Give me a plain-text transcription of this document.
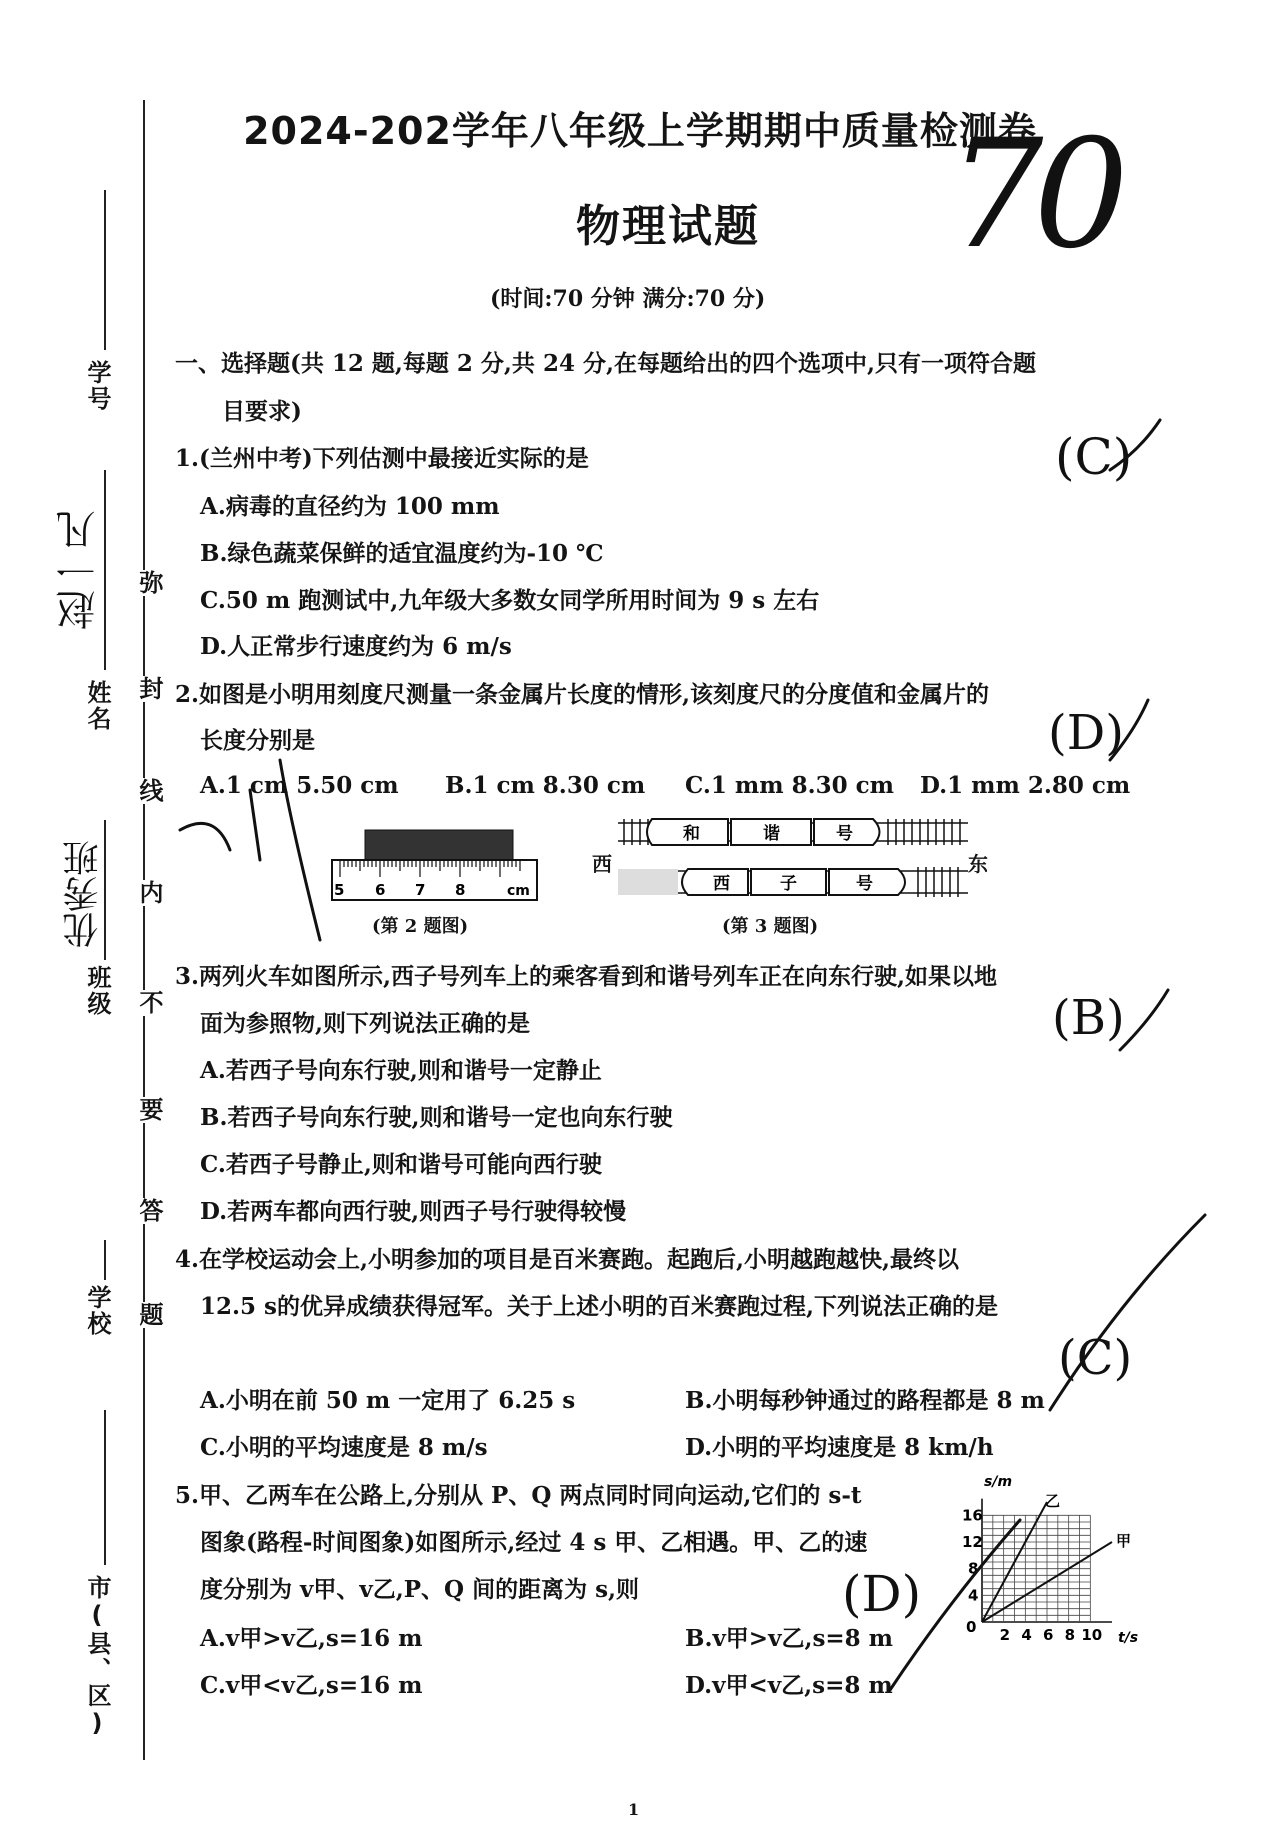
学号
姓名
赵一凡
班级
优秀班
学校
市(县、区)
弥
封
线
内
不
要
答
题
2024-202学年八年级上学期期中质量检测卷
物理试题
(时间:70 分钟 满分:70 分)
一、选择题(共 12 题,每题 2 分,共 24 分,在每题给出的四个选项中,只有一项符合题
目要求)
1.(兰州中考)下列估测中最接近实际的是
A.病毒的直径约为 100 mm
B.绿色蔬菜保鲜的适宜温度约为-10 ℃
C.50 m 跑测试中,九年级大多数女同学所用时间为 9 s 左右
D.人正常步行速度约为 6 m/s
(C)
2.如图是小明用刻度尺测量一条金属片长度的情形,该刻度尺的分度值和金属片的
长度分别是	(D)
A.1 cm 5.50 cm B.1 cm 8.30 cm C.1 mm 8.30 cm D.1 mm 2.80 cm
5 6 7 8	cm
(第 2 题图)
和	谐	号
西	子	号
西	东
(第 3 题图)
3.两列火车如图所示,西子号列车上的乘客看到和谐号列车正在向东行驶,如果以地
面为参照物,则下列说法正确的是	(B)
A.若西子号向东行驶,则和谐号一定静止
B.若西子号向东行驶,则和谐号一定也向东行驶
C.若西子号静止,则和谐号可能向西行驶
D.若两车都向西行驶,则西子号行驶得较慢
4.在学校运动会上,小明参加的项目是百米赛跑。起跑后,小明越跑越快,最终以
12.5 s的优异成绩获得冠军。关于上述小明的百米赛跑过程,下列说法正确的是
(C)
A.小明在前 50 m 一定用了 6.25 s	B.小明每秒钟通过的路程都是 8 m
C.小明的平均速度是 8 m/s	D.小明的平均速度是 8 km/h
5.甲、乙两车在公路上,分别从 P、Q 两点同时同向运动,它们的 s-t
图象(路程-时间图象)如图所示,经过 4 s 甲、乙相遇。甲、乙的速
度分别为 v甲、v乙,P、Q 间的距离为 s,则	(D)
A.v甲>v乙,s=16 m	B.v甲>v乙,s=8 m
C.v甲<v乙,s=16 m	D.v甲<v乙,s=8 m
s/m
t/s
0 2 4 6 8 10
4
8
12
16
乙
甲
70
1
